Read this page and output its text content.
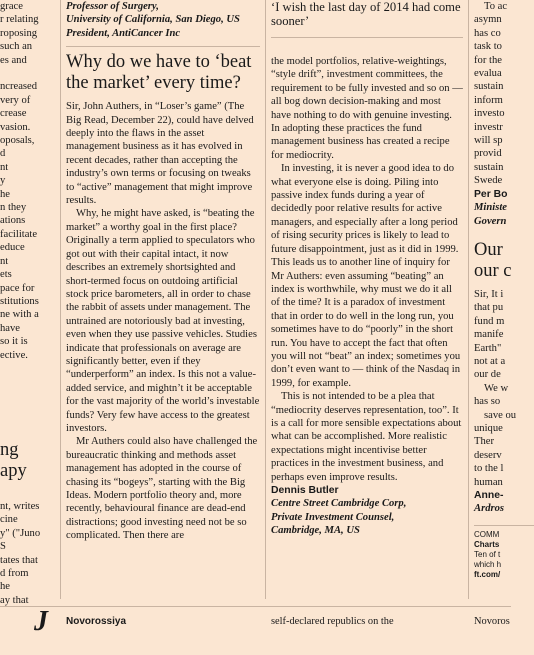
grace

r relating

roposing

such an

es and

ncreased

very of

crease

vasion.

oposals,

d

nt

y

he

n they

ations

facilitate

educe

nt

ets

pace for

stitutions

ne with a

have

so it is

ective.

ng
apy

nt, writes

cine

y" ("Juno

S

tates that

d from

he

ay that

Professor of Surgery,

University of California, San Diego, US

President, AntiCancer Inc

Why do we have to ‘beat the market’ every time?

Sir, John Authers, in “Loser’s game” (The Big Read, December 22), could have delved deeply into the flaws in the asset management business as it has evolved in recent decades, rather than accepting the industry’s own terms or focusing on tweaks to “active” management that might improve results.

Why, he might have asked, is “beating the market” a worthy goal in the first place? Originally a term applied to speculators who got out with their capital intact, it now describes an extremely shortsighted and short-termed focus on outdoing artificial stock price barometers, all in order to chase the rabbit of assets under management. The untrained are notoriously bad at investing, even when they use passive vehicles. Studies indicate that professionals on average are significantly better, even if they “underperform” an index. Is this not a value-added service, and mightn’t it be acceptable for the vast majority of the world’s investable funds? Very few have access to the greatest investors.

Mr Authers could also have challenged the bureaucratic thinking and methods asset management has adopted in the course of chasing its “bogeys”, starting with the Big Ideas. Modern portfolio theory and, more recently, behavioural finance are dead-end distractions; good investing need not be so complicated. Then there are

‘I wish the last day of 2014 had come sooner’

the model portfolios, relative-weightings, “style drift”, investment committees, the requirement to be fully invested and so on — all bog down decision-making and most have nothing to do with genuine investing. In adopting these practices the fund management business has created a recipe for mediocrity.

In investing, it is never a good idea to do what everyone else is doing. Piling into passive index funds during a year of decidedly poor relative results for active managers, and especially after a long period of rising security prices is likely to lead to future disappointment, just as it did in 1999. This leads us to another line of inquiry for Mr Authers: even assuming “beating” an index is worthwhile, why must we do it all of the time? It is a paradox of investment that in order to do well in the long run, you sometimes have to do “poorly” in the short run. You have to accept the fact that often you will not “beat” an index; sometimes you don’t even want to — think of the Nasdaq in 1999, for example.

This is not intended to be a plea that “mediocrity deserves representation, too”. It is a call for more sensible expectations about what can be accomplished. More realistic expectations might incentivise better practices in the investment business, and perhaps even improve results.

Dennis Butler

Centre Street Cambridge Corp,

Private Investment Counsel,

Cambridge, MA, US

To ac

asymn

has co

task to

for the

evalua

sustain

inform

investo

investr

will sp

provid

sustain

Swede

Per Bo

Ministe

Govern

Our
our c

Sir, It i

that pu

fund m

manife

Earth"

not at a

our de

We w

has so

save ou

unique

Ther

deserv

to the l

human

Anne-

Ardros

COMM

Charts

Ten of t

which h

ft.com/

J Novorossiya	self-declared republics on the	Novoros
